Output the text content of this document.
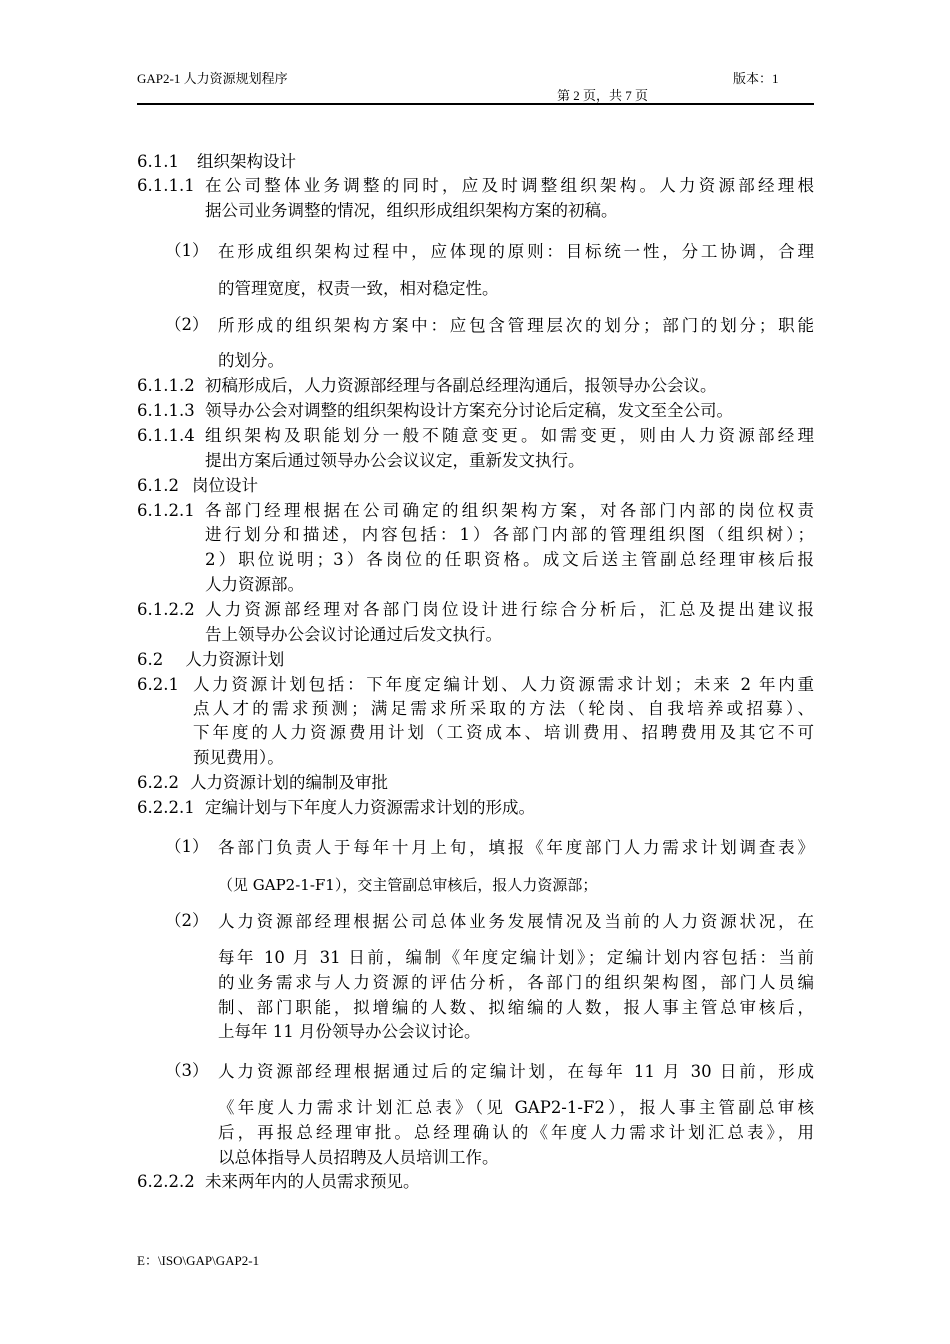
GAP2-1 人力资源规划程序	版本：1
第 2 页，共 7 页
6.1.1 组织架构设计
6.1.1.1 在公司整体业务调整的同时，应及时调整组织架构。人力资源部经理根
据公司业务调整的情况，组织形成组织架构方案的初稿。
（1） 在形成组织架构过程中，应体现的原则：目标统一性，分工协调，合理
的管理宽度，权责一致，相对稳定性。
（2） 所形成的组织架构方案中：应包含管理层次的划分；部门的划分；职能
的划分。
6.1.1.2 初稿形成后，人力资源部经理与各副总经理沟通后，报领导办公会议。
6.1.1.3 领导办公会对调整的组织架构设计方案充分讨论后定稿，发文至全公司。
6.1.1.4 组织架构及职能划分一般不随意变更。如需变更，则由人力资源部经理
提出方案后通过领导办公会议议定，重新发文执行。
6.1.2 岗位设计
6.1.2.1 各部门经理根据在公司确定的组织架构方案，对各部门内部的岗位权责
进行划分和描述，内容包括：1）各部门内部的管理组织图（组织树）；
2）职位说明；3）各岗位的任职资格。成文后送主管副总经理审核后报
人力资源部。
6.1.2.2 人力资源部经理对各部门岗位设计进行综合分析后，汇总及提出建议报
告上领导办公会议讨论通过后发文执行。
6.2 人力资源计划
6.2.1 人力资源计划包括：下年度定编计划、人力资源需求计划；未来 2 年内重
点人才的需求预测；满足需求所采取的方法（轮岗、自我培养或招募）、
下年度的人力资源费用计划（工资成本、培训费用、招聘费用及其它不可
预见费用）。
6.2.2 人力资源计划的编制及审批
6.2.2.1 定编计划与下年度人力资源需求计划的形成。
（1） 各部门负责人于每年十月上旬，填报《年度部门人力需求计划调查表》
（见 GAP2-1-F1），交主管副总审核后，报人力资源部；
（2） 人力资源部经理根据公司总体业务发展情况及当前的人力资源状况，在
每年 10 月 31 日前，编制《年度定编计划》；定编计划内容包括：当前
的业务需求与人力资源的评估分析，各部门的组织架构图，部门人员编
制、部门职能，拟增编的人数、拟缩编的人数，报人事主管总审核后，
上每年 11 月份领导办公会议讨论。
（3） 人力资源部经理根据通过后的定编计划，在每年 11 月 30 日前，形成
《年度人力需求计划汇总表》（见 GAP2-1-F2），报人事主管副总审核
后，再报总经理审批。总经理确认的《年度人力需求计划汇总表》，用
以总体指导人员招聘及人员培训工作。
6.2.2.2 未来两年内的人员需求预见。
E：\ISO\GAP\GAP2-1
